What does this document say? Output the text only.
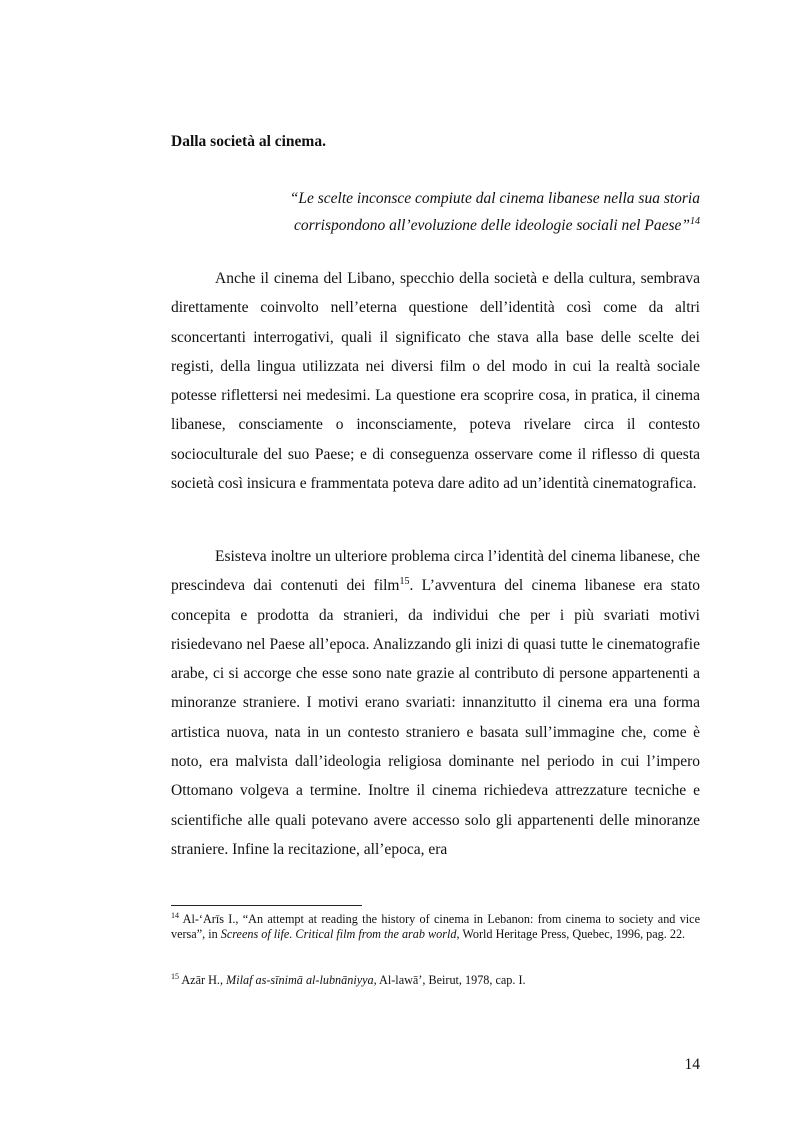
Dalla società al cinema.

“Le scelte inconsce compiute dal cinema libanese nella sua storia
corrispondono all’evoluzione delle ideologie sociali nel Paese”$^{14}$

Anche il cinema del Libano, specchio della società e della cultura, sembrava direttamente coinvolto nell’eterna questione dell’identità così come da altri sconcertanti interrogativi, quali il significato che stava alla base delle scelte dei registi, della lingua utilizzata nei diversi film o del modo in cui la realtà sociale potesse riflettersi nei medesimi. La questione era scoprire cosa, in pratica, il cinema libanese, consciamente o inconsciamente, poteva rivelare circa il contesto socioculturale del suo Paese; e di conseguenza osservare come il riflesso di questa società così insicura e frammentata poteva dare adito ad un’identità cinematografica.

Esisteva inoltre un ulteriore problema circa l’identità del cinema libanese, che prescindeva dai contenuti dei film$^{15}$. L’avventura del cinema libanese era stato concepita e prodotta da stranieri, da individui che per i più svariati motivi risiedevano nel Paese all’epoca. Analizzando gli inizi di quasi tutte le cinematografie arabe, ci si accorge che esse sono nate grazie al contributo di persone appartenenti a minoranze straniere. I motivi erano svariati: innanzitutto il cinema era una forma artistica nuova, nata in un contesto straniero e basata sull’immagine che, come è noto, era malvista dall’ideologia religiosa dominante nel periodo in cui l’impero Ottomano volgeva a termine. Inoltre il cinema richiedeva attrezzature tecniche e scientifiche alle quali potevano avere accesso solo gli appartenenti delle minoranze straniere. Infine la recitazione, all’epoca, era

$^{14}$ Al-‘Arīs I., “An attempt at reading the history of cinema in Lebanon: from cinema to society and vice versa”, in Screens of life. Critical film from the arab world, World Heritage Press, Quebec, 1996, pag. 22.

$^{15}$ Azār H., Milaf as-sīnimā al-lubnāniyya, Al-lawā’, Beirut, 1978, cap. I.

14
